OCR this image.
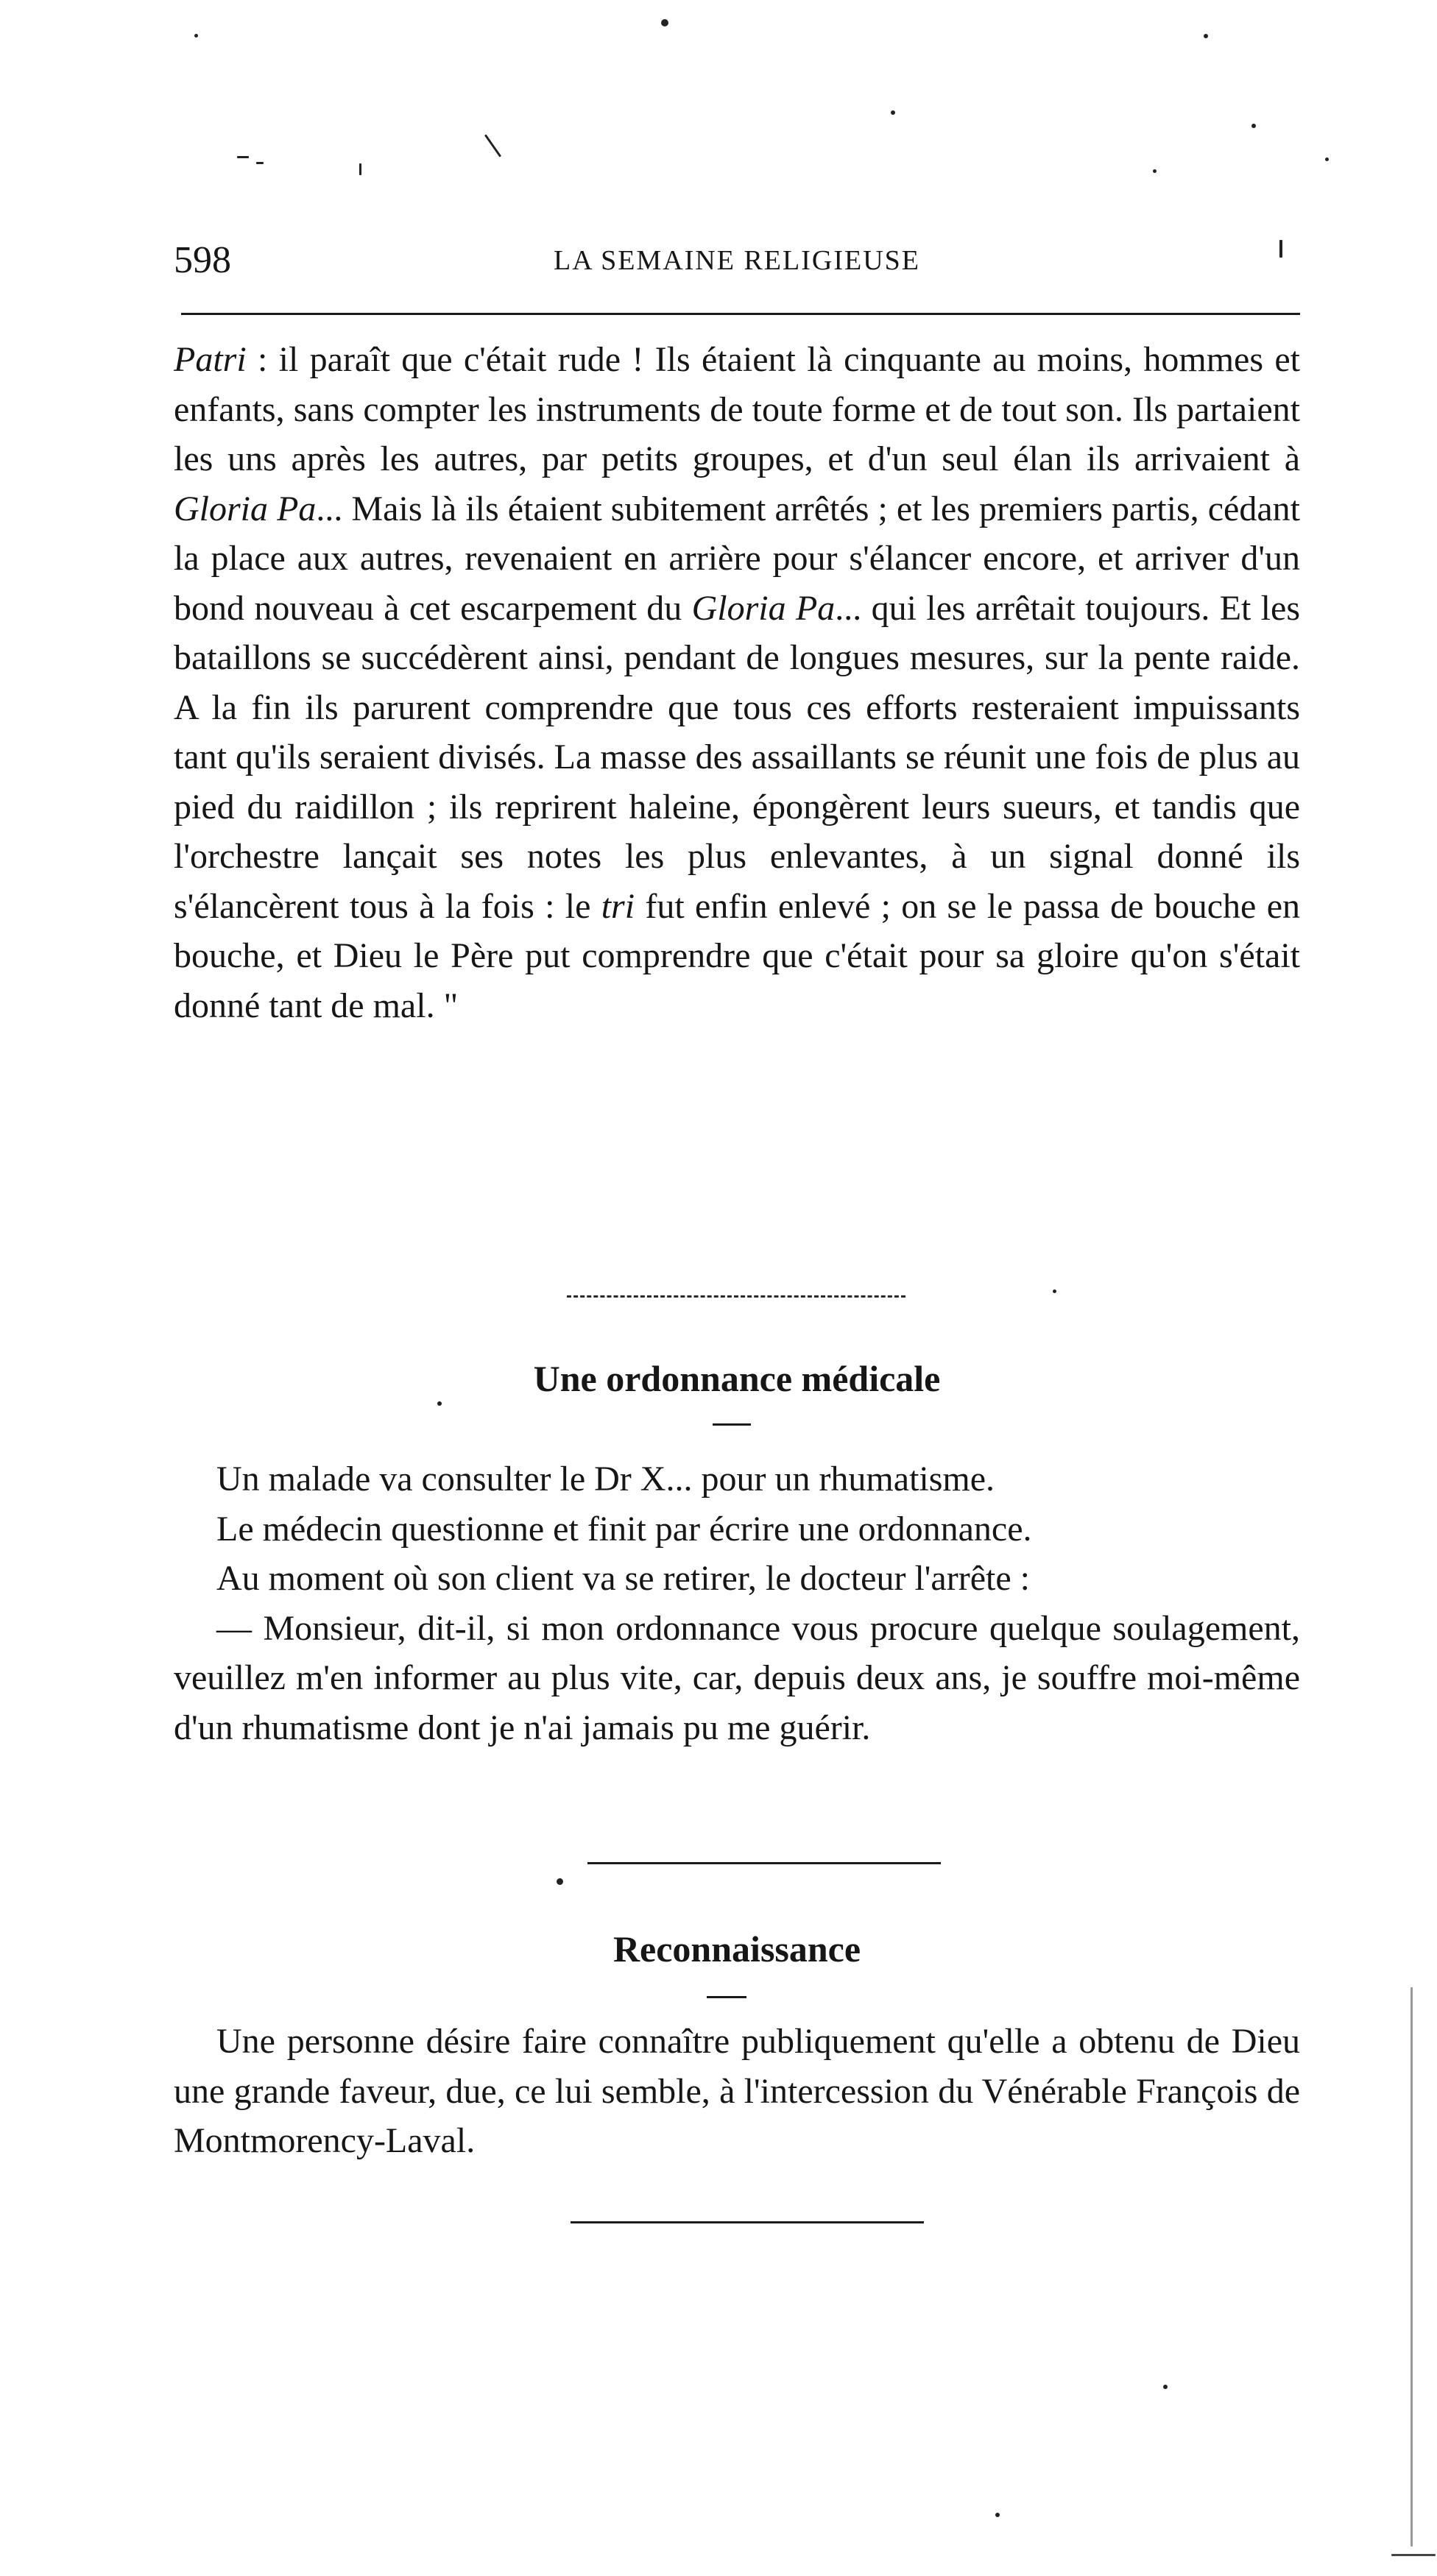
598	LA SEMAINE RELIGIEUSE

Patri : il paraît que c'était rude ! Ils étaient là cinquante au moins, hommes et enfants, sans compter les instruments de toute forme et de tout son. Ils partaient les uns après les autres, par petits groupes, et d'un seul élan ils arrivaient à Gloria Pa... Mais là ils étaient subitement arrêtés ; et les premiers partis, cédant la place aux autres, revenaient en arrière pour s'élancer encore, et arriver d'un bond nouveau à cet escarpement du Gloria Pa... qui les arrêtait toujours. Et les bataillons se succédèrent ainsi, pendant de longues mesures, sur la pente raide. A la fin ils parurent comprendre que tous ces efforts resteraient impuissants tant qu'ils seraient divisés. La masse des assaillants se réunit une fois de plus au pied du raidillon ; ils reprirent haleine, épongèrent leurs sueurs, et tandis que l'orchestre lançait ses notes les plus enlevantes, à un signal donné ils s'élancèrent tous à la fois : le tri fut enfin enlevé ; on se le passa de bouche en bouche, et Dieu le Père put comprendre que c'était pour sa gloire qu'on s'était donné tant de mal. "

Une ordonnance médicale

Un malade va consulter le Dr X... pour un rhumatisme.

Le médecin questionne et finit par écrire une ordonnance.

Au moment où son client va se retirer, le docteur l'arrête :

— Monsieur, dit-il, si mon ordonnance vous procure quelque soulagement, veuillez m'en informer au plus vite, car, depuis deux ans, je souffre moi-même d'un rhumatisme dont je n'ai jamais pu me guérir.

Reconnaissance

Une personne désire faire connaître publiquement qu'elle a obtenu de Dieu une grande faveur, due, ce lui semble, à l'intercession du Vénérable François de Montmorency-Laval.
